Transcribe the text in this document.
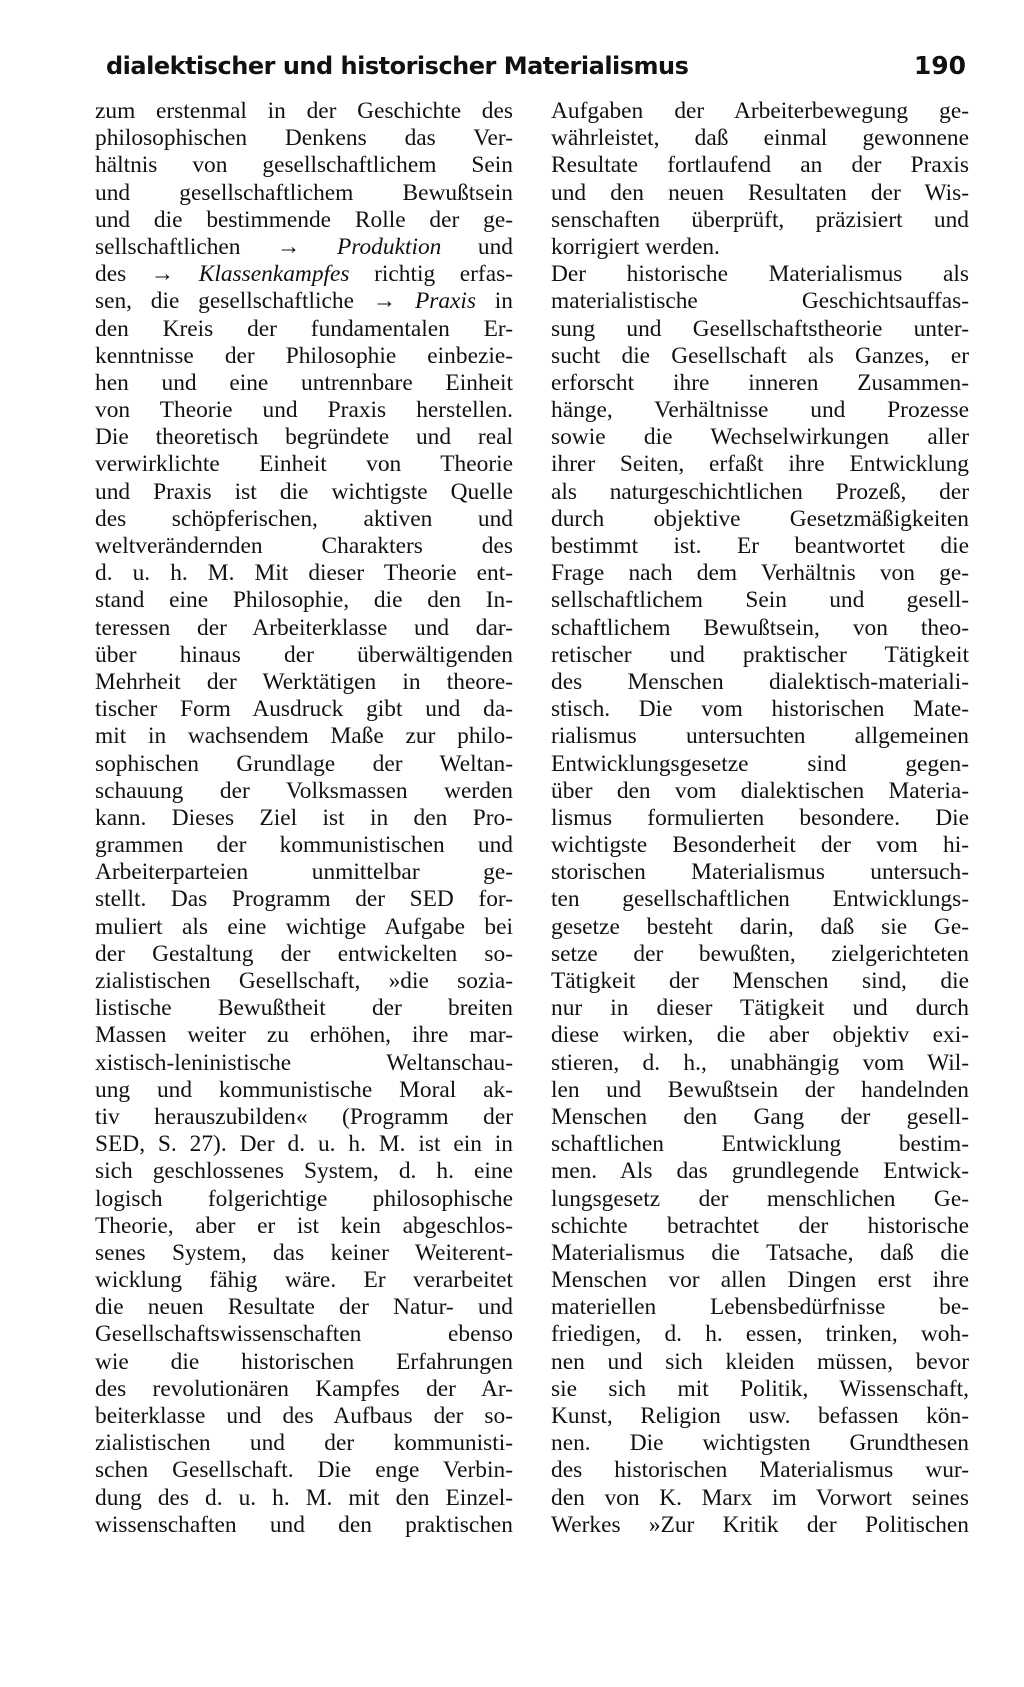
dialektischer und historischer Materialismus	190
zum erstenmal in der Geschichte des
philosophischen Denkens das Ver-
hältnis von gesellschaftlichem Sein
und gesellschaftlichem Bewußtsein
und die bestimmende Rolle der ge-
sellschaftlichen → Produktion und
des → Klassenkampfes richtig erfas-
sen, die gesellschaftliche → Praxis in
den Kreis der fundamentalen Er-
kenntnisse der Philosophie einbezie-
hen und eine untrennbare Einheit
von Theorie und Praxis herstellen.
Die theoretisch begründete und real
verwirklichte Einheit von Theorie
und Praxis ist die wichtigste Quelle
des schöpferischen, aktiven und
weltverändernden Charakters des
d. u. h. M. Mit dieser Theorie ent-
stand eine Philosophie, die den In-
teressen der Arbeiterklasse und dar-
über hinaus der überwältigenden
Mehrheit der Werktätigen in theore-
tischer Form Ausdruck gibt und da-
mit in wachsendem Maße zur philo-
sophischen Grundlage der Weltan-
schauung der Volksmassen werden
kann. Dieses Ziel ist in den Pro-
grammen der kommunistischen und
Arbeiterparteien unmittelbar ge-
stellt. Das Programm der SED for-
muliert als eine wichtige Aufgabe bei
der Gestaltung der entwickelten so-
zialistischen Gesellschaft, »die sozia-
listische Bewußtheit der breiten
Massen weiter zu erhöhen, ihre mar-
xistisch-leninistische Weltanschau-
ung und kommunistische Moral ak-
tiv herauszubilden« (Programm der
SED, S. 27). Der d. u. h. M. ist ein in
sich geschlossenes System, d. h. eine
logisch folgerichtige philosophische
Theorie, aber er ist kein abgeschlos-
senes System, das keiner Weiterent-
wicklung fähig wäre. Er verarbeitet
die neuen Resultate der Natur- und
Gesellschaftswissenschaften ebenso
wie die historischen Erfahrungen
des revolutionären Kampfes der Ar-
beiterklasse und des Aufbaus der so-
zialistischen und der kommunisti-
schen Gesellschaft. Die enge Verbin-
dung des d. u. h. M. mit den Einzel-
wissenschaften und den praktischen
Aufgaben der Arbeiterbewegung ge-
währleistet, daß einmal gewonnene
Resultate fortlaufend an der Praxis
und den neuen Resultaten der Wis-
senschaften überprüft, präzisiert und
korrigiert werden.
Der historische Materialismus als
materialistische Geschichtsauffas-
sung und Gesellschaftstheorie unter-
sucht die Gesellschaft als Ganzes, er
erforscht ihre inneren Zusammen-
hänge, Verhältnisse und Prozesse
sowie die Wechselwirkungen aller
ihrer Seiten, erfaßt ihre Entwicklung
als naturgeschichtlichen Prozeß, der
durch objektive Gesetzmäßigkeiten
bestimmt ist. Er beantwortet die
Frage nach dem Verhältnis von ge-
sellschaftlichem Sein und gesell-
schaftlichem Bewußtsein, von theo-
retischer und praktischer Tätigkeit
des Menschen dialektisch-materiali-
stisch. Die vom historischen Mate-
rialismus untersuchten allgemeinen
Entwicklungsgesetze sind gegen-
über den vom dialektischen Materia-
lismus formulierten besondere. Die
wichtigste Besonderheit der vom hi-
storischen Materialismus untersuch-
ten gesellschaftlichen Entwicklungs-
gesetze besteht darin, daß sie Ge-
setze der bewußten, zielgerichteten
Tätigkeit der Menschen sind, die
nur in dieser Tätigkeit und durch
diese wirken, die aber objektiv exi-
stieren, d. h., unabhängig vom Wil-
len und Bewußtsein der handelnden
Menschen den Gang der gesell-
schaftlichen Entwicklung bestim-
men. Als das grundlegende Entwick-
lungsgesetz der menschlichen Ge-
schichte betrachtet der historische
Materialismus die Tatsache, daß die
Menschen vor allen Dingen erst ihre
materiellen Lebensbedürfnisse be-
friedigen, d. h. essen, trinken, woh-
nen und sich kleiden müssen, bevor
sie sich mit Politik, Wissenschaft,
Kunst, Religion usw. befassen kön-
nen. Die wichtigsten Grundthesen
des historischen Materialismus wur-
den von K. Marx im Vorwort seines
Werkes »Zur Kritik der Politischen
